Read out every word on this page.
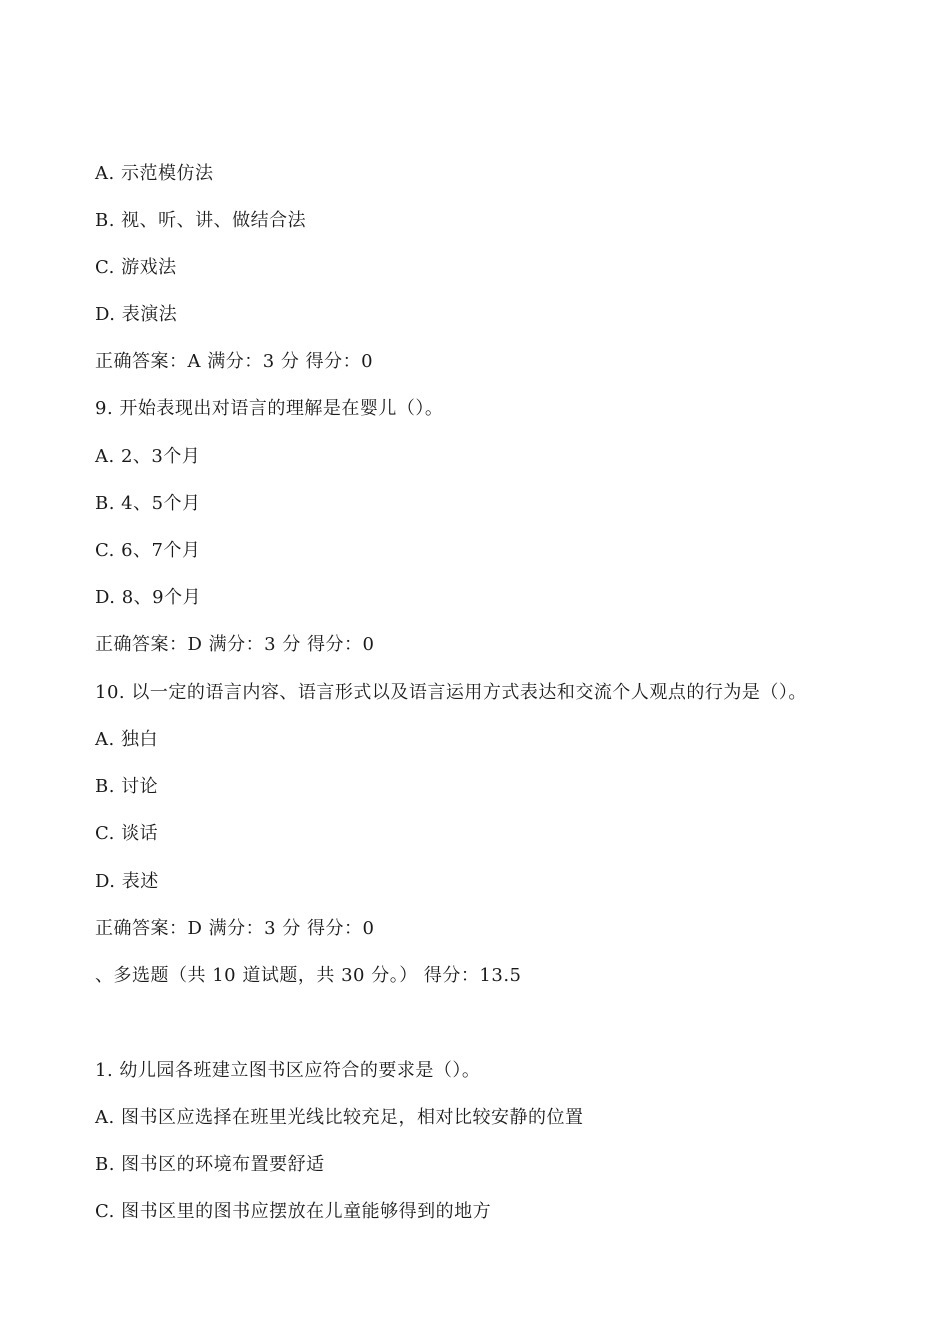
A. 示范模仿法
B. 视、听、讲、做结合法
C. 游戏法
D. 表演法
正确答案：A 满分：3 分 得分：0
9. 开始表现出对语言的理解是在婴儿（）。
A. 2、3个月
B. 4、5个月
C. 6、7个月
D. 8、9个月
正确答案：D 满分：3 分 得分：0
10. 以一定的语言内容、语言形式以及语言运用方式表达和交流个人观点的行为是（）。
A. 独白
B. 讨论
C. 谈话
D. 表述
正确答案：D 满分：3 分 得分：0
、多选题（共 10 道试题，共 30 分。） 得分：13.5
1. 幼儿园各班建立图书区应符合的要求是（）。
A. 图书区应选择在班里光线比较充足，相对比较安静的位置
B. 图书区的环境布置要舒适
C. 图书区里的图书应摆放在儿童能够得到的地方
